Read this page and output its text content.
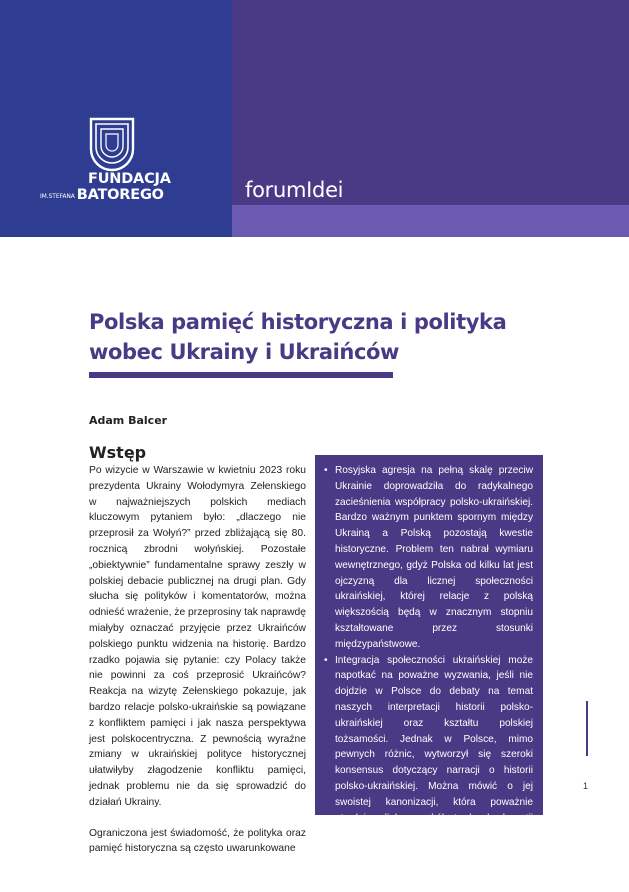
FUNDACJA
IM.STEFANA BATOREGO	forumIdei
Polska pamięć historyczna i polityka wobec Ukrainy i Ukraińców
Adam Balcer
Wstęp

Po wizycie w Warszawie w kwietniu 2023 roku prezydenta Ukrainy Wołodymyra Zełenskiego w najważniejszych polskich mediach kluczowym pytaniem było: „dlaczego nie przeprosił za Wołyń?” przed zbliżającą się 80. rocznicą zbrodni wołyńskiej. Pozostałe „obiektywnie” fundamentalne sprawy zeszły w polskiej debacie publicznej na drugi plan. Gdy słucha się polityków i komentatorów, można odnieść wrażenie, że przeprosiny tak naprawdę miałyby oznaczać przyjęcie przez Ukraińców polskiego punktu widzenia na historię. Bardzo rzadko pojawia się pytanie: czy Polacy także nie powinni za coś przeprosić Ukraińców? Reakcja na wizytę Zełenskiego pokazuje, jak bardzo relacje polsko-ukraińskie są powiązane z konfliktem pamięci i jak nasza perspektywa jest polskocentryczna. Z pewnością wyraźne zmiany w ukraińskiej polityce historycznej ułatwiłyby złagodzenie konfliktu pamięci, jednak problemu nie da się sprowadzić do działań Ukrainy.

Ograniczona jest świadomość, że polityka oraz pamięć historyczna są często uwarunkowane

• Rosyjska agresja na pełną skalę przeciw Ukrainie doprowadziła do radykalnego zacieśnienia współpracy polsko-ukraińskiej. Bardzo ważnym punktem spornym między Ukrainą a Polską pozostają kwestie historyczne. Problem ten nabrał wymiaru wewnętrznego, gdyż Polska od kilku lat jest ojczyzną dla licznej społeczności ukraińskiej, której relacje z polską większością będą w znacznym stopniu kształtowane przez stosunki międzypaństwowe.
• Integracja społeczności ukraińskiej może napotkać na poważne wyzwania, jeśli nie dojdzie w Polsce do debaty na temat naszych interpretacji historii polsko-ukraińskiej oraz kształtu polskiej tożsamości. Jednak w Polsce, mimo pewnych różnic, wytworzył się szeroki konsensus dotyczący narracji o historii polsko-ukraińskiej. Można mówić o jej swoistej kanonizacji, która poważnie utrudnia dialog wokół trudnych kwestii historycznych z Ukrainą i stanowi wyzwanie, jeśli chcemy budować bardziej
1
